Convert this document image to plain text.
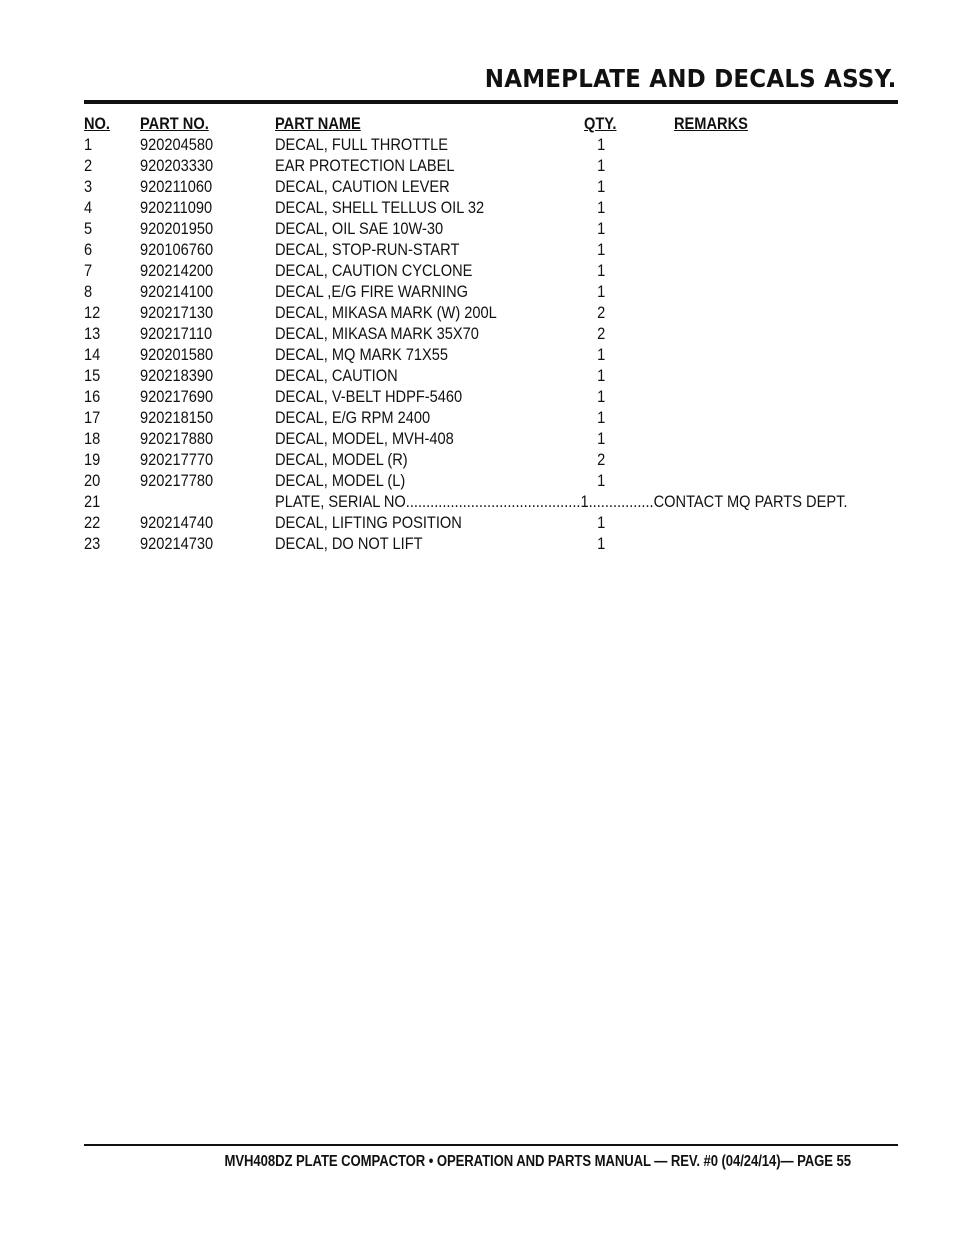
NAMEPLATE AND DECALS ASSY.
NO. PART NO.	PART NAME	QTY.	REMARKS
1	920204580	DECAL, FULL THROTTLE	1
2	920203330	EAR PROTECTION LABEL	1
3	920211060	DECAL, CAUTION LEVER	1
4	920211090	DECAL, SHELL TELLUS OIL 32	1
5	920201950	DECAL, OIL SAE 10W-30	1
6	920106760	DECAL, STOP-RUN-START	1
7	920214200	DECAL, CAUTION CYCLONE	1
8	920214100	DECAL ,E/G FIRE WARNING	1
12 920217130	DECAL, MIKASA MARK (W) 200L	2
13 920217110	DECAL, MIKASA MARK 35X70	2
14 920201580	DECAL, MQ MARK 71X55	1
15 920218390	DECAL, CAUTION	1
16 920217690	DECAL, V-BELT HDPF-5460	1
17 920218150	DECAL, E/G RPM 2400	1
18 920217880	DECAL, MODEL, MVH-408	1
19 920217770	DECAL, MODEL (R)	2
20 920217780	DECAL, MODEL (L)	1
21	PLATE, SERIAL NO...........................................1................CONTACT MQ PARTS DEPT.
22 920214740	DECAL, LIFTING POSITION	1
23 920214730	DECAL, DO NOT LIFT	1
MVH408DZ PLATE COMPACTOR • OPERATION AND PARTS MANUAL — REV. #0 (04/24/14)— PAGE 55
